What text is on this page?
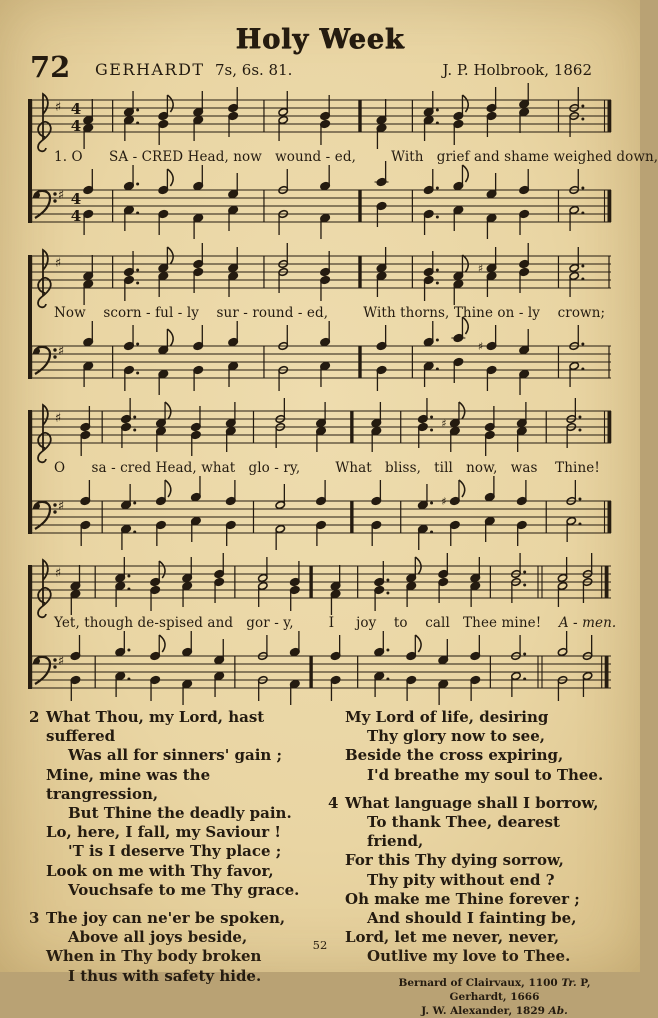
Holy Week
72 GERHARDT 7s, 6s. 81.	J. P. Holbrook, 1862
♯ 4
4
1. O      SA - CRED Head, now   wound - ed,        With   grief and shame weighed down,
♯ 4
4
♯	♯
Now    scorn - ful - ly    sur - round - ed,        With thorns, Thine on - ly    crown;
♯	♯
♯	♯
O      sa - cred Head, what   glo - ry,        What   bliss,   till   now,   was    Thine!
♯	♯
♯
Yet, though de-spised and   gor - y,        I     joy    to    call   Thee mine!    A - men.
♯

2 What Thou, my Lord, hast suffered

Was all for sinners' gain ;

Mine, mine was the trangression,

But Thine the deadly pain.

Lo, here, I fall, my Saviour !

'T is I deserve Thy place ;

Look on me with Thy favor,

Vouchsafe to me Thy grace.

3 The joy can ne'er be spoken,

Above all joys beside,

When in Thy body broken

I thus with safety hide.

My Lord of life, desiring

Thy glory now to see,

Beside the cross expiring,

I'd breathe my soul to Thee.

4 What language shall I borrow,

To thank Thee, dearest friend,

For this Thy dying sorrow,

Thy pity without end ?

Oh make me Thine forever ;

And should I fainting be,

Lord, let me never, never,

Outlive my love to Thee.

Bernard of Clairvaux, 1100 Tr. P, Gerhardt, 1666
J. W. Alexander, 1829 Ab.
52
